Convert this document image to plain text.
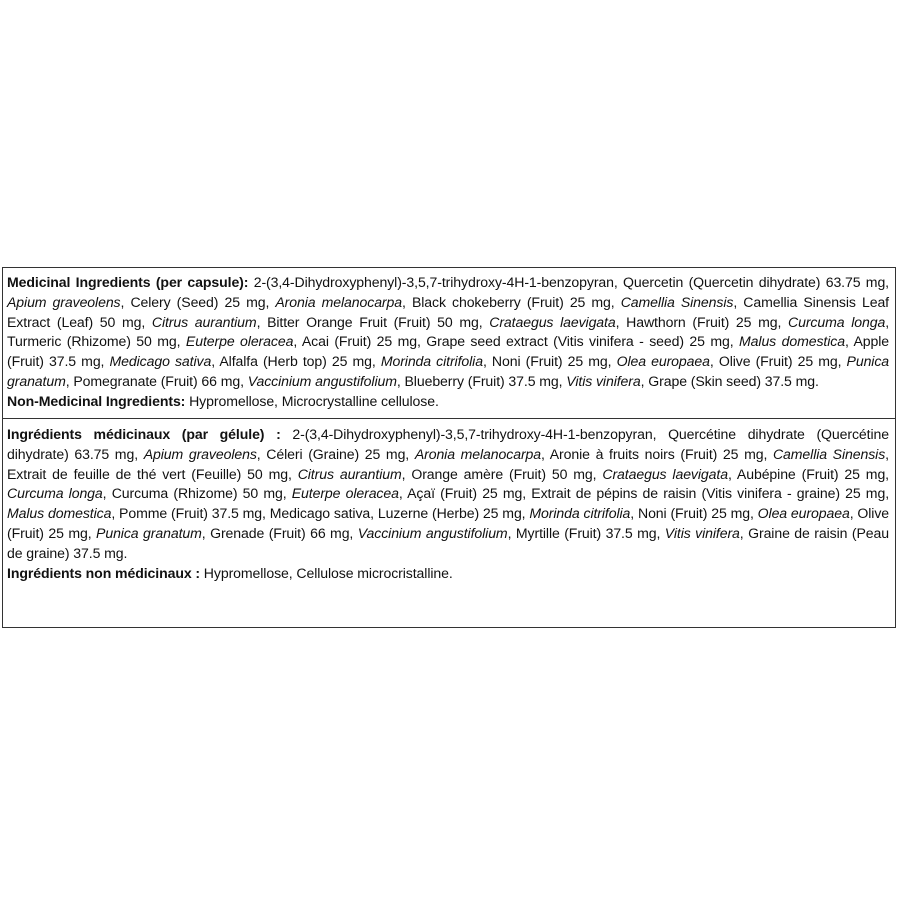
Medicinal Ingredients (per capsule): 2-(3,4-Dihydroxyphenyl)-3,5,7-trihydroxy-4H-1-benzopyran, Quercetin (Quercetin dihydrate) 63.75 mg, Apium graveolens, Celery (Seed) 25 mg, Aronia melanocarpa, Black chokeberry (Fruit) 25 mg, Camellia Sinensis, Camellia Sinensis Leaf Extract (Leaf) 50 mg, Citrus aurantium, Bitter Orange Fruit (Fruit) 50 mg, Crataegus laevigata, Hawthorn (Fruit) 25 mg, Curcuma longa, Turmeric (Rhizome) 50 mg, Euterpe oleracea, Acai (Fruit) 25 mg, Grape seed extract (Vitis vinifera - seed) 25 mg, Malus domestica, Apple (Fruit) 37.5 mg, Medicago sativa, Alfalfa (Herb top) 25 mg, Morinda citrifolia, Noni (Fruit) 25 mg, Olea europaea, Olive (Fruit) 25 mg, Punica granatum, Pomegranate (Fruit) 66 mg, Vaccinium angustifolium, Blueberry (Fruit) 37.5 mg, Vitis vinifera, Grape (Skin seed) 37.5 mg.

Non-Medicinal Ingredients: Hypromellose, Microcrystalline cellulose.

Ingrédients médicinaux (par gélule) : 2-(3,4-Dihydroxyphenyl)-3,5,7-trihydroxy-4H-1-benzopyran, Quercétine dihydrate (Quercétine dihydrate) 63.75 mg, Apium graveolens, Céleri (Graine) 25 mg, Aronia melanocarpa, Aronie à fruits noirs (Fruit) 25 mg, Camellia Sinensis, Extrait de feuille de thé vert (Feuille) 50 mg, Citrus aurantium, Orange amère (Fruit) 50 mg, Crataegus laevigata, Aubépine (Fruit) 25 mg, Curcuma longa, Curcuma (Rhizome) 50 mg, Euterpe oleracea, Açaï (Fruit) 25 mg, Extrait de pépins de raisin (Vitis vinifera - graine) 25 mg, Malus domestica, Pomme (Fruit) 37.5 mg, Medicago sativa, Luzerne (Herbe) 25 mg, Morinda citrifolia, Noni (Fruit) 25 mg, Olea europaea, Olive (Fruit) 25 mg, Punica granatum, Grenade (Fruit) 66 mg, Vaccinium angustifolium, Myrtille (Fruit) 37.5 mg, Vitis vinifera, Graine de raisin (Peau de graine) 37.5 mg.

Ingrédients non médicinaux : Hypromellose, Cellulose microcristalline.
